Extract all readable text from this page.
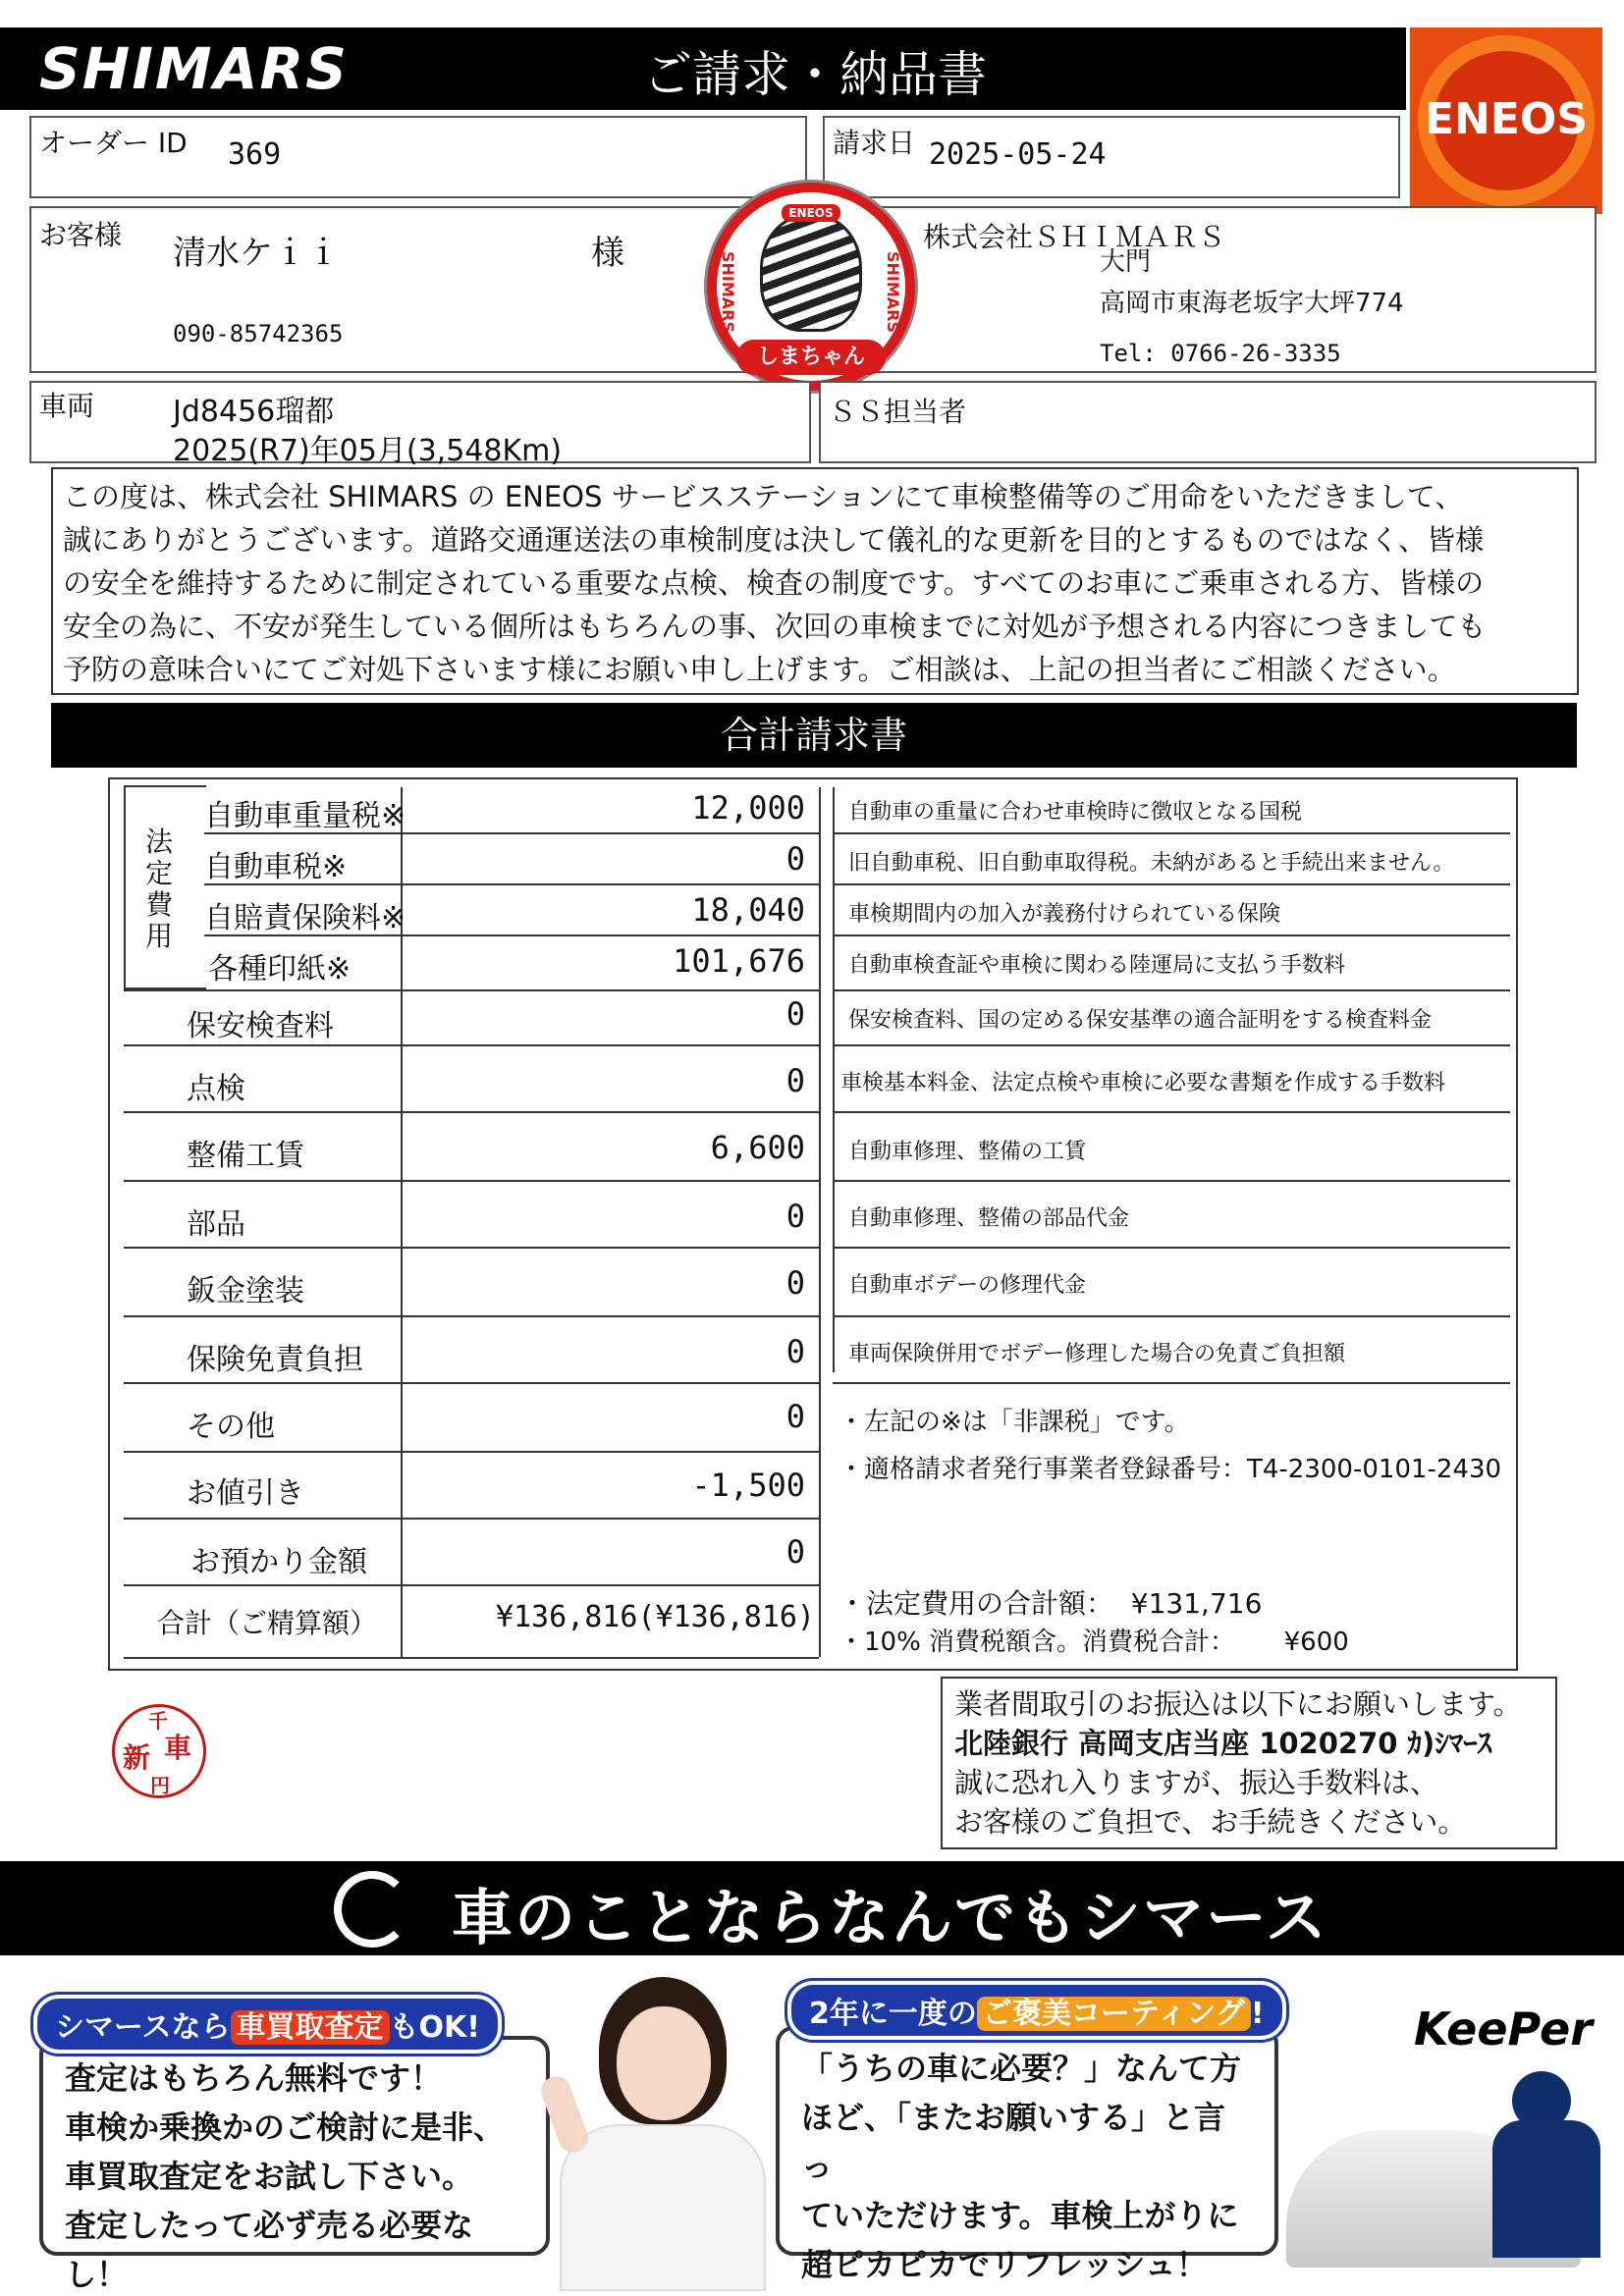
SHIMARS	ご請求・納品書
ENEOS
オーダー ID 369	請求日 2025-05-24
お客様 清水ケｉｉ	様
090-85742365
株式会社ＳＨＩＭＡＲＳ
大門
高岡市東海老坂字大坪774
Tel: 0766-26-3335
ENEOS
SHIMARS	SHIMARS
しまちゃん
車両	Jd8456瑠都
2025(R7)年05月(3,548Km)
ＳＳ担当者
この度は、株式会社 SHIMARS の ENEOS サービスステーションにて車検整備等のご用命をいただきまして、
誠にありがとうございます。道路交通運送法の車検制度は決して儀礼的な更新を目的とするものではなく、皆様
の安全を維持するために制定されている重要な点検、検査の制度です。すべてのお車にご乗車される方、皆様の
安全の為に、不安が発生している個所はもちろんの事、次回の車検までに対処が予想される内容につきましても
予防の意味合いにてご対処下さいます様にお願い申し上げます。ご相談は、上記の担当者にご相談ください。
合計請求書
法
定
費
用
自動車重量税※	12,000 自動車の重量に合わせ車検時に徴収となる国税
自動車税※	0 旧自動車税、旧自動車取得税。未納があると手続出来ません。
自賠責保険料※	18,040 車検期間内の加入が義務付けられている保険
各種印紙※	101,676 自動車検査証や車検に関わる陸運局に支払う手数料
保安検査料	0 保安検査料、国の定める保安基準の適合証明をする検査料金
点検	0 車検基本料金、法定点検や車検に必要な書類を作成する手数料
整備工賃	6,600 自動車修理、整備の工賃
部品	0 自動車修理、整備の部品代金
鈑金塗装	0 自動車ボデーの修理代金
保険免責負担	0 車両保険併用でボデー修理した場合の免責ご負担額
その他	0
お値引き	-1,500
お預かり金額	0
合計（ご精算額）	¥136,816(¥136,816)
・左記の※は「非課税」です。
・適格請求者発行事業者登録番号：T4-2300-0101-2430
・法定費用の合計額：  ¥131,716
・10% 消費税額含。消費税合計：      ¥600
千
新 車
円
業者間取引のお振込は以下にお願いします。
北陸銀行 高岡支店当座 1020270 ｶ)ｼﾏｰｽ
誠に恐れ入りますが、振込手数料は、
お客様のご負担で、お手続きください。
車のことならなんでもシマース
査定はもちろん無料です！
車検か乗換かのご検討に是非、
車買取査定をお試し下さい。
査定したって必ず売る必要なし！
シマースなら 車買取査定 もOK!
「うちの車に必要？」なんて方
ほど、「またお願いする」と言っ
ていただけます。車検上がりに
超ピカピカでリフレッシュ！
2年に一度の ご褒美コーティング !	KeePer
